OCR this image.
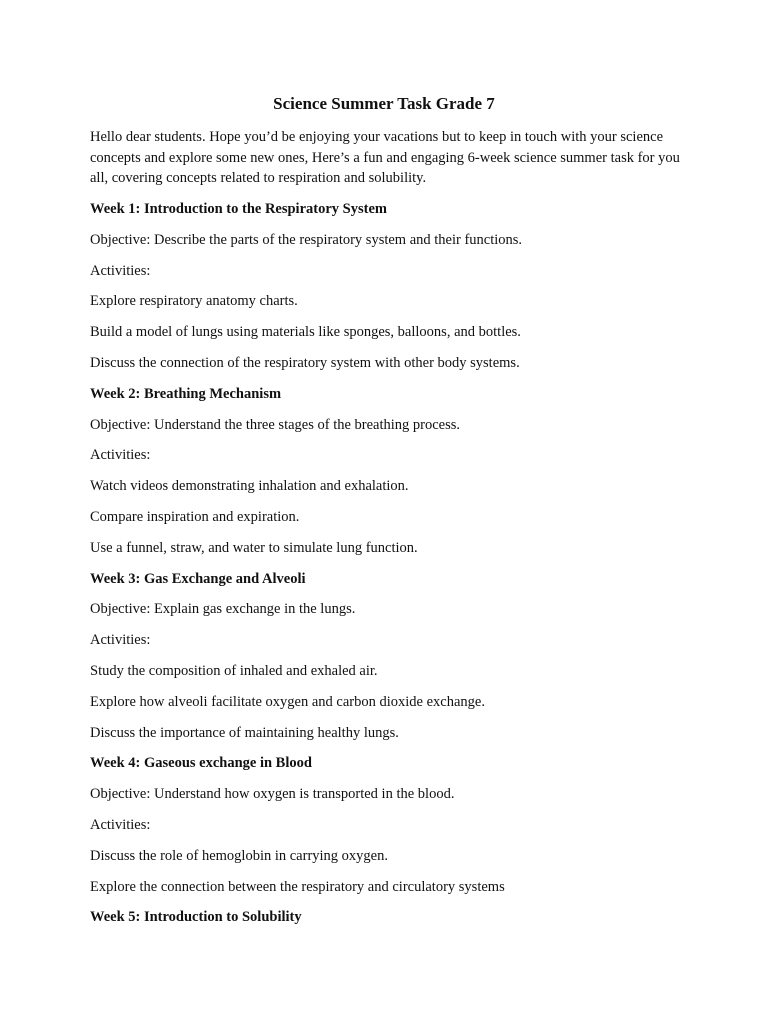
Science Summer Task Grade 7

Hello dear students. Hope you’d be enjoying your vacations but to keep in touch with your science concepts and explore some new ones, Here’s a fun and engaging 6-week science summer task for you all, covering concepts related to respiration and solubility.

Week 1: Introduction to the Respiratory System

Objective: Describe the parts of the respiratory system and their functions.

Activities:

Explore respiratory anatomy charts.

Build a model of lungs using materials like sponges, balloons, and bottles.

Discuss the connection of the respiratory system with other body systems.

Week 2: Breathing Mechanism

Objective: Understand the three stages of the breathing process.

Activities:

Watch videos demonstrating inhalation and exhalation.

Compare inspiration and expiration.

Use a funnel, straw, and water to simulate lung function.

Week 3: Gas Exchange and Alveoli

Objective: Explain gas exchange in the lungs.

Activities:

Study the composition of inhaled and exhaled air.

Explore how alveoli facilitate oxygen and carbon dioxide exchange.

Discuss the importance of maintaining healthy lungs.

Week 4: Gaseous exchange in Blood

Objective: Understand how oxygen is transported in the blood.

Activities:

Discuss the role of hemoglobin in carrying oxygen.

Explore the connection between the respiratory and circulatory systems

Week 5: Introduction to Solubility
